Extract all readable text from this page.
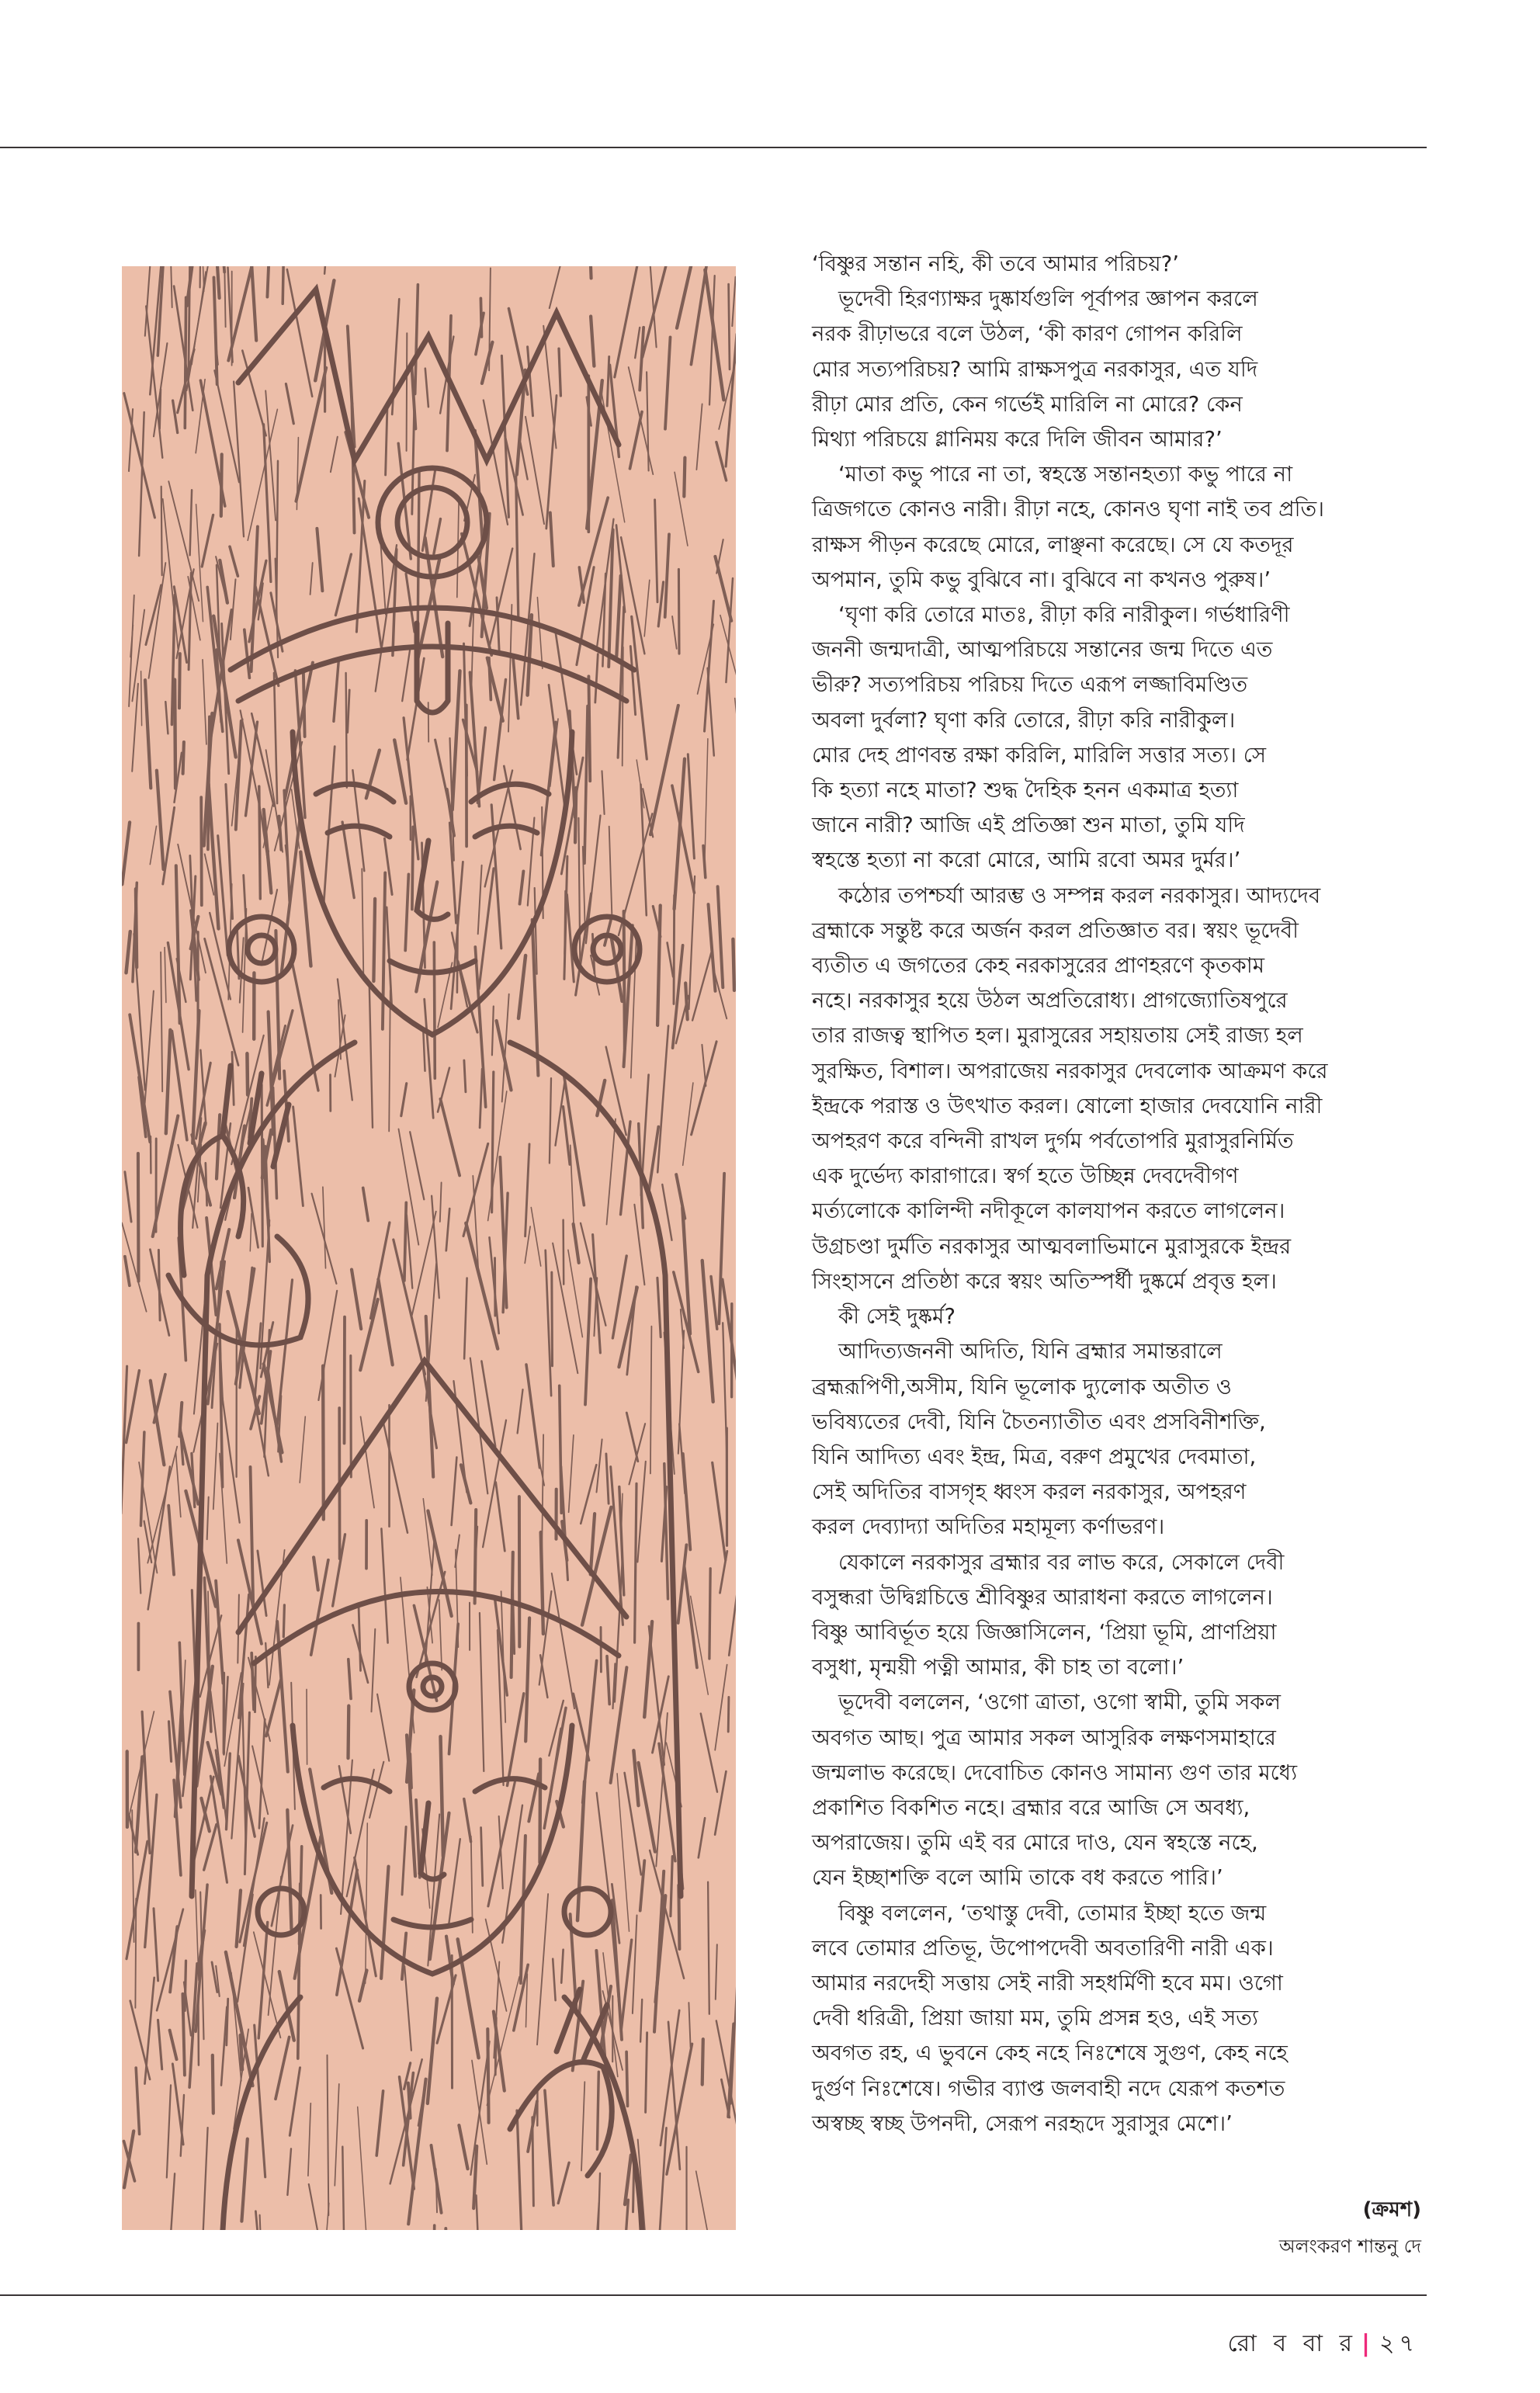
‘বিষ্ণুর সন্তান নহি, কী তবে আমার পরিচয়?’

ভূদেবী হিরণ্যাক্ষর দুষ্কার্যগুলি পূর্বাপর জ্ঞাপন করলে
নরক রীঢ়াভরে বলে উঠল, ‘কী কারণ গোপন করিলি
মোর সত্যপরিচয়? আমি রাক্ষসপুত্র নরকাসুর, এত যদি
রীঢ়া মোর প্রতি, কেন গর্ভেই মারিলি না মোরে? কেন
মিথ্যা পরিচয়ে গ্লানিময় করে দিলি জীবন আমার?’

‘মাতা কভু পারে না তা, স্বহস্তে সন্তানহত্যা কভু পারে না
ত্রিজগতে কোনও নারী। রীঢ়া নহে, কোনও ঘৃণা নাই তব প্রতি।
রাক্ষস পীড়ন করেছে মোরে, লাঞ্ছনা করেছে। সে যে কতদূর
অপমান, তুমি কভু বুঝিবে না। বুঝিবে না কখনও পুরুষ।’

‘ঘৃণা করি তোরে মাতঃ, রীঢ়া করি নারীকুল। গর্ভধারিণী
জননী জন্মদাত্রী, আত্মপরিচয়ে সন্তানের জন্ম দিতে এত
ভীরু? সত্যপরিচয় পরিচয় দিতে এরূপ লজ্জাবিমণ্ডিত
অবলা দুর্বলা? ঘৃণা করি তোরে, রীঢ়া করি নারীকুল।
মোর দেহ প্রাণবন্ত রক্ষা করিলি, মারিলি সত্তার সত্য। সে
কি হত্যা নহে মাতা? শুদ্ধ দৈহিক হনন একমাত্র হত্যা
জানে নারী? আজি এই প্রতিজ্ঞা শুন মাতা, তুমি যদি
স্বহস্তে হত্যা না করো মোরে, আমি রবো অমর দুর্মর।’

কঠোর তপশ্চর্যা আরম্ভ ও সম্পন্ন করল নরকাসুর। আদ্যদেব
ব্রহ্মাকে সন্তুষ্ট করে অর্জন করল প্রতিজ্ঞাত বর। স্বয়ং ভূদেবী
ব্যতীত এ জগতের কেহ নরকাসুরের প্রাণহরণে কৃতকাম
নহে। নরকাসুর হয়ে উঠল অপ্রতিরোধ্য। প্রাগজ্যোতিষপুরে
তার রাজত্ব স্থাপিত হল। মুরাসুরের সহায়তায় সেই রাজ্য হল
সুরক্ষিত, বিশাল। অপরাজেয় নরকাসুর দেবলোক আক্রমণ করে
ইন্দ্রকে পরাস্ত ও উৎখাত করল। ষোলো হাজার দেবযোনি নারী
অপহরণ করে বন্দিনী রাখল দুর্গম পর্বতোপরি মুরাসুরনির্মিত
এক দুর্ভেদ্য কারাগারে। স্বর্গ হতে উচ্ছিন্ন দেবদেবীগণ
মর্ত্যলোকে কালিন্দী নদীকূলে কালযাপন করতে লাগলেন।
উগ্রচণ্ডা দুর্মতি নরকাসুর আত্মবলাভিমানে মুরাসুরকে ইন্দ্রর
সিংহাসনে প্রতিষ্ঠা করে স্বয়ং অতিস্পর্ধী দুষ্কর্মে প্রবৃত্ত হল।

কী সেই দুষ্কর্ম?

আদিত্যজননী অদিতি, যিনি ব্রহ্মার সমান্তরালে
ব্রহ্মরূপিণী,অসীম, যিনি ভূলোক দ্যুলোক অতীত ও
ভবিষ্যতের দেবী, যিনি চৈতন্যাতীত এবং প্রসবিনীশক্তি,
যিনি আদিত্য এবং ইন্দ্র, মিত্র, বরুণ প্রমুখের দেবমাতা,
সেই অদিতির বাসগৃহ ধ্বংস করল নরকাসুর, অপহরণ
করল দেব্যাদ্যা অদিতির মহামূল্য কর্ণাভরণ।

যেকালে নরকাসুর ব্রহ্মার বর লাভ করে, সেকালে দেবী
বসুন্ধরা উদ্বিগ্নচিত্তে শ্রীবিষ্ণুর আরাধনা করতে লাগলেন।
বিষ্ণু আবির্ভূত হয়ে জিজ্ঞাসিলেন, ‘প্রিয়া ভূমি, প্রাণপ্রিয়া
বসুধা, মৃন্ময়ী পত্নী আমার, কী চাহ তা বলো।’

ভূদেবী বললেন, ‘ওগো ত্রাতা, ওগো স্বামী, তুমি সকল
অবগত আছ। পুত্র আমার সকল আসুরিক লক্ষণসমাহারে
জন্মলাভ করেছে। দেবোচিত কোনও সামান্য গুণ তার মধ্যে
প্রকাশিত বিকশিত নহে। ব্রহ্মার বরে আজি সে অবধ্য,
অপরাজেয়। তুমি এই বর মোরে দাও, যেন স্বহস্তে নহে,
যেন ইচ্ছাশক্তি বলে আমি তাকে বধ করতে পারি।’

বিষ্ণু বললেন, ‘তথাস্তু দেবী, তোমার ইচ্ছা হতে জন্ম
লবে তোমার প্রতিভূ, উপোপদেবী অবতারিণী নারী এক।
আমার নরদেহী সত্তায় সেই নারী সহধর্মিণী হবে মম। ওগো
দেবী ধরিত্রী, প্রিয়া জায়া মম, তুমি প্রসন্ন হও, এই সত্য
অবগত রহ, এ ভুবনে কেহ নহে নিঃশেষে সুগুণ, কেহ নহে
দুর্গুণ নিঃশেষে। গভীর ব্যাপ্ত জলবাহী নদে যেরূপ কতশত
অস্বচ্ছ স্বচ্ছ উপনদী, সেরূপ নরহৃদে সুরাসুর মেশে।’

(ক্রমশ)
অলংকরণ শান্তনু দে
রো ব বা র | ২৭
